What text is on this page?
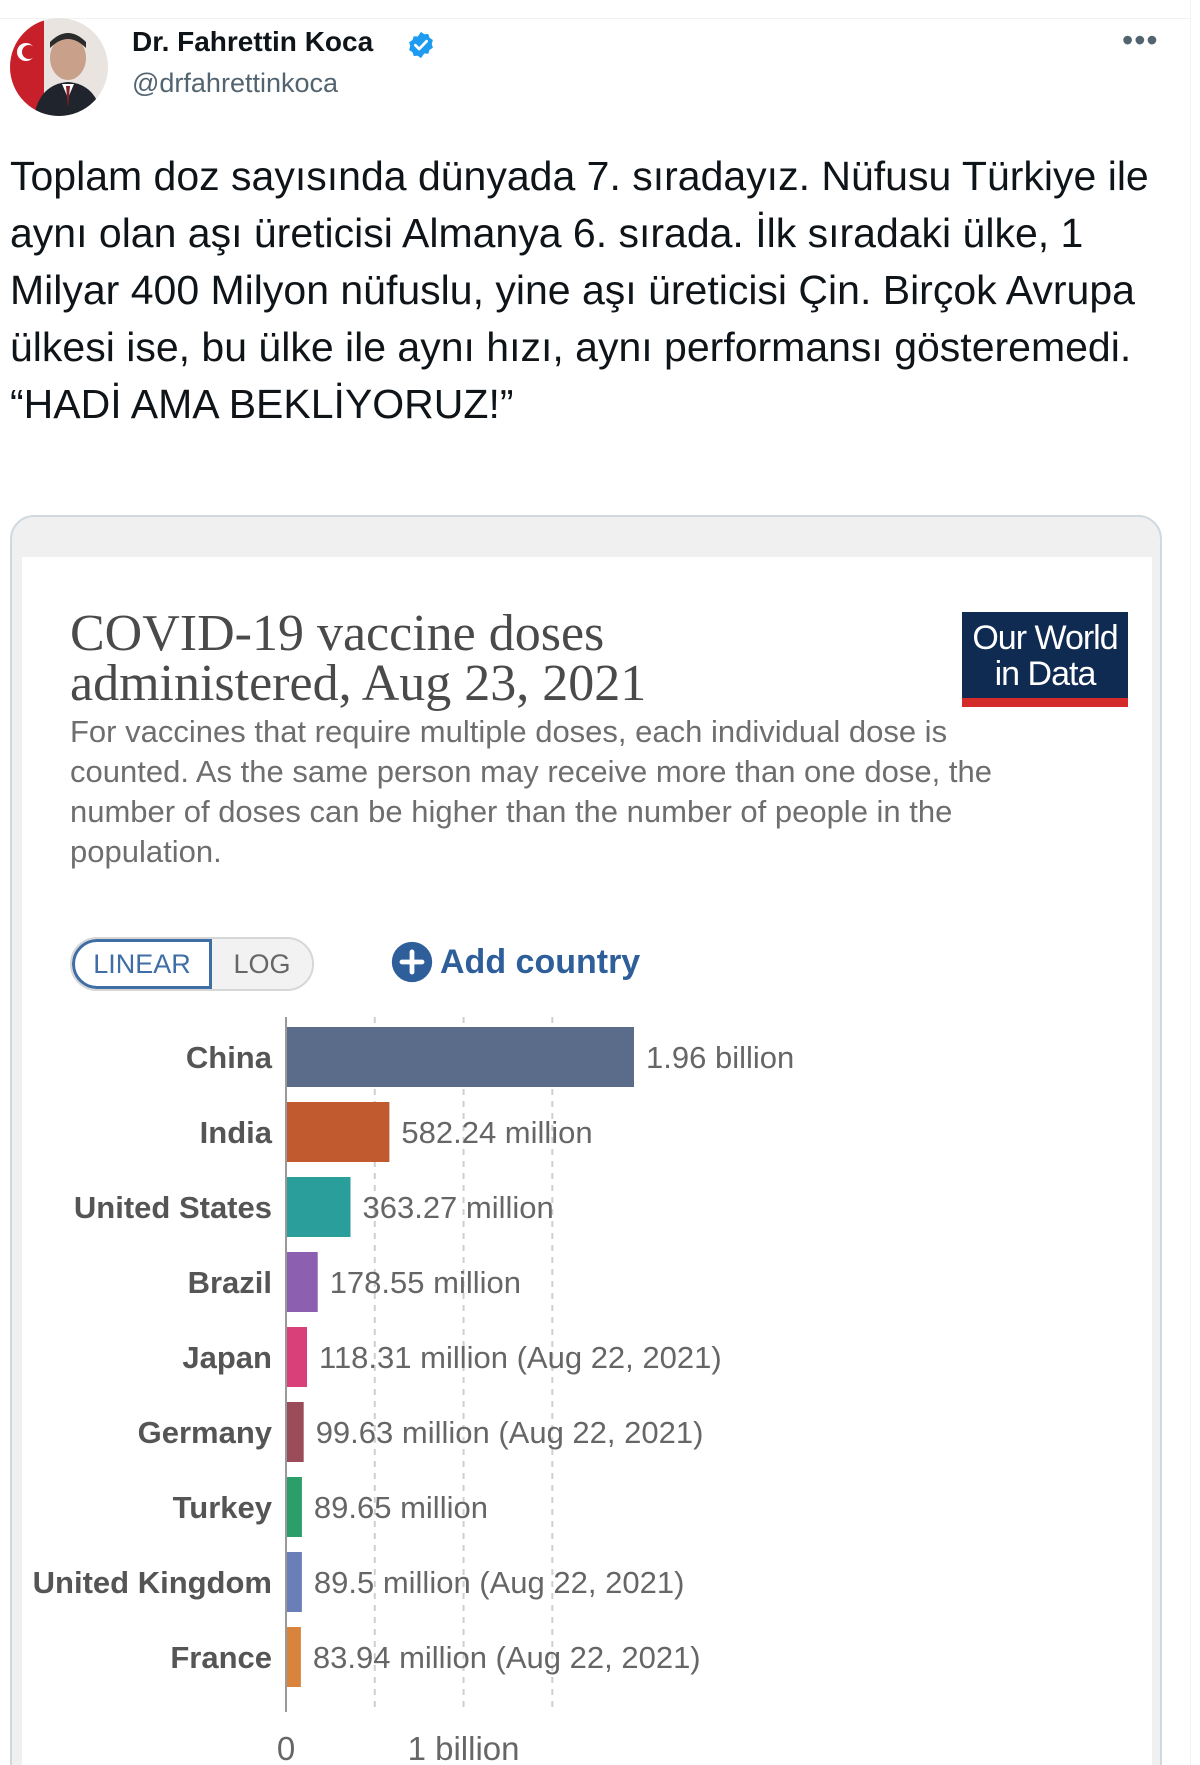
Dr. Fahrettin Koca
@drfahrettinkoca
•••
Toplam doz sayısında dünyada 7. sıradayız. Nüfusu Türkiye ile aynı olan aşı üreticisi Almanya 6. sırada. İlk sıradaki ülke, 1 Milyar 400 Milyon nüfuslu, yine aşı üreticisi Çin. Birçok Avrupa ülkesi ise, bu ülke ile aynı hızı, aynı performansı gösteremedi. “HADİ AMA BEKLİYORUZ!”
COVID-19 vaccine doses administered, Aug 23, 2021
Our World
in Data
For vaccines that require multiple doses, each individual dose is counted. As the same person may receive more than one dose, the number of doses can be higher than the number of people in the population.
LINEAR	LOG	Add country
China	1.96 billion
India	582.24 million
United States	363.27 million
Brazil 178.55 million
Japan 118.31 million (Aug 22, 2021)
Germany 99.63 million (Aug 22, 2021)
Turkey 89.65 million
United Kingdom 89.5 million (Aug 22, 2021)
France 83.94 million (Aug 22, 2021)
0	1 billion
